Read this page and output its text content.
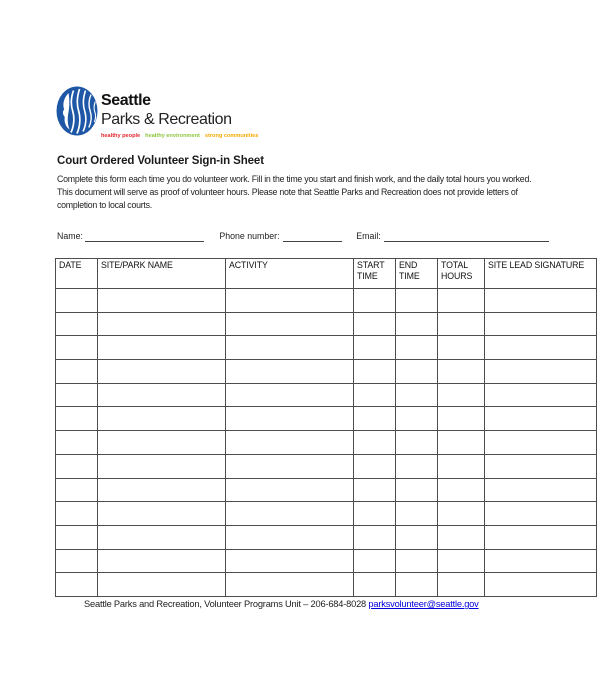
Seattle
Parks & Recreation
healthy people healthy environment strong communities
Court Ordered Volunteer Sign-in Sheet
Complete this form each time you do volunteer work. Fill in the time you start and finish work, and the daily total hours you worked.
This document will serve as proof of volunteer hours. Please note that Seattle Parks and Recreation does not provide letters of
completion to local courts.
Name:	Phone number:	Email:
DATE	SITE/PARK NAME	ACTIVITY	START TIME	END TIME	TOTAL HOURS	SITE LEAD SIGNATURE

Seattle Parks and Recreation, Volunteer Programs Unit – 206-684-8028 parksvolunteer@seattle.gov
